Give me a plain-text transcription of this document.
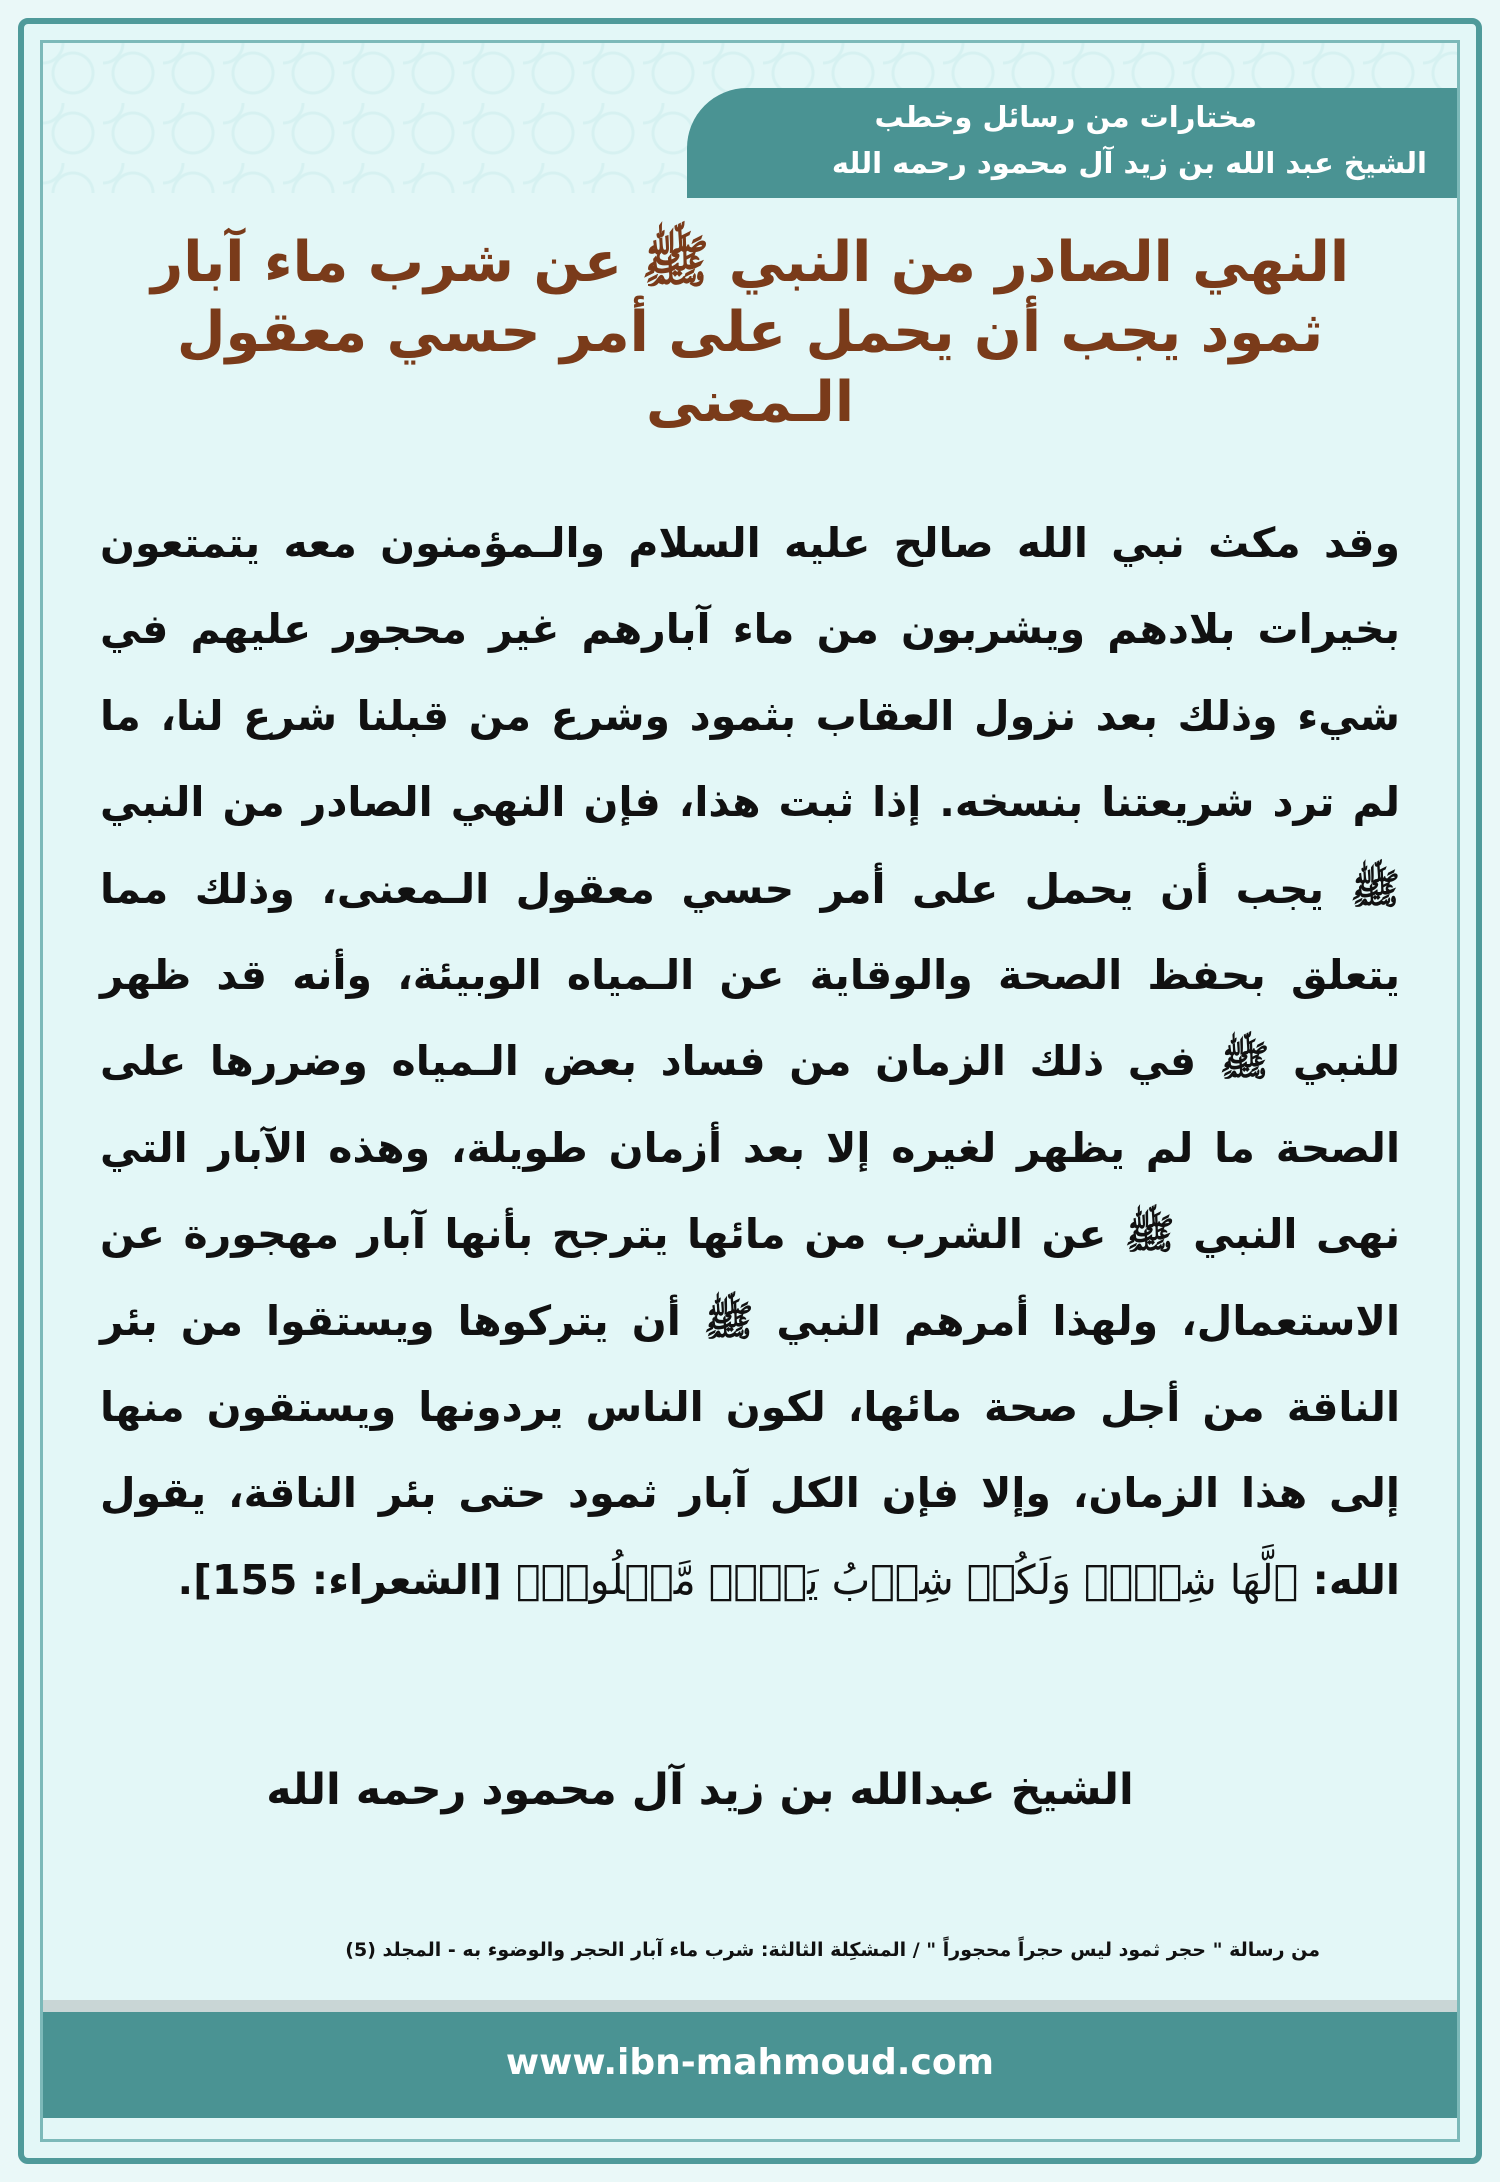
مختارات من رسائل وخطب
الشيخ عبد الله بن زيد آل محمود رحمه الله
النهي الصادر من النبي ﷺ عن شرب ماء آبار ثمود يجب أن يحمل على أمر حسي معقول الـمعنى
وقد مكث نبي الله صالح عليه السلام والـمؤمنون معه يتمتعون بخيرات بلادهم ويشربون من ماء آبارهم غير محجور عليهم في شيء وذلك بعد نزول العقاب بثمود وشرع من قبلنا شرع لنا، ما لم ترد شريعتنا بنسخه. إذا ثبت هذا، فإن النهي الصادر من النبي ﷺ يجب أن يحمل على أمر حسي معقول الـمعنى، وذلك مما يتعلق بحفظ الصحة والوقاية عن الـمياه الوبيئة، وأنه قد ظهر للنبي ﷺ في ذلك الزمان من فساد بعض الـمياه وضررها على الصحة ما لم يظهر لغيره إلا بعد أزمان طويلة، وهذه الآبار التي نهى النبي ﷺ عن الشرب من مائها يترجح بأنها آبار مهجورة عن الاستعمال، ولهذا أمرهم النبي ﷺ أن يتركوها ويستقوا من بئر الناقة من أجل صحة مائها، لكون الناس يردونها ويستقون منها إلى هذا الزمان، وإلا فإن الكل آبار ثمود حتى بئر الناقة، يقول الله: ﴿لَّهَا شِرۡبٞ وَلَكُمۡ شِرۡبُ يَوۡمٖ مَّعۡلُومٖ﴾ [الشعراء: 155].
الشيخ عبدالله بن زيد آل محمود رحمه الله
من رسالة " حجر ثمود ليس حجراً محجوراً " / المشكِلة الثالثة: شرب ماء آبار الحجر والوضوء به - المجلد (5)
www.ibn-mahmoud.com
